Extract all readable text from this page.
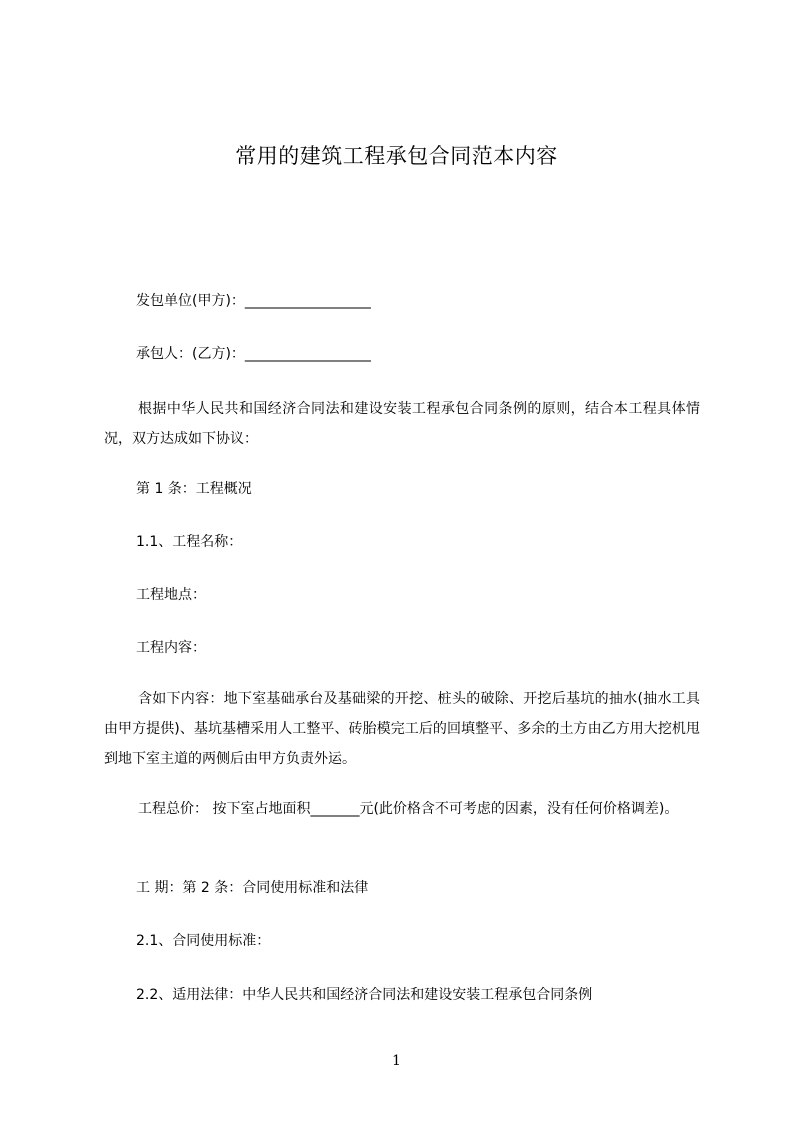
常用的建筑工程承包合同范本内容
发包单位(甲方)：__________________
承包人：(乙方)：__________________
根据中华人民共和国经济合同法和建设安装工程承包合同条例的原则，结合本工程具体情况，双方达成如下协议：
第 1 条：工程概况
1.1、工程名称：
工程地点：
工程内容：
含如下内容：地下室基础承台及基础梁的开挖、桩头的破除、开挖后基坑的抽水(抽水工具由甲方提供)、基坑基槽采用人工整平、砖胎模完工后的回填整平、多余的土方由乙方用大挖机甩到地下室主道的两侧后由甲方负责外运。
工程总价： 按下室占地面积_______元(此价格含不可考虑的因素，没有任何价格调差)。
工 期：第 2 条：合同使用标准和法律
2.1、合同使用标准：
2.2、适用法律：中华人民共和国经济合同法和建设安装工程承包合同条例
1
